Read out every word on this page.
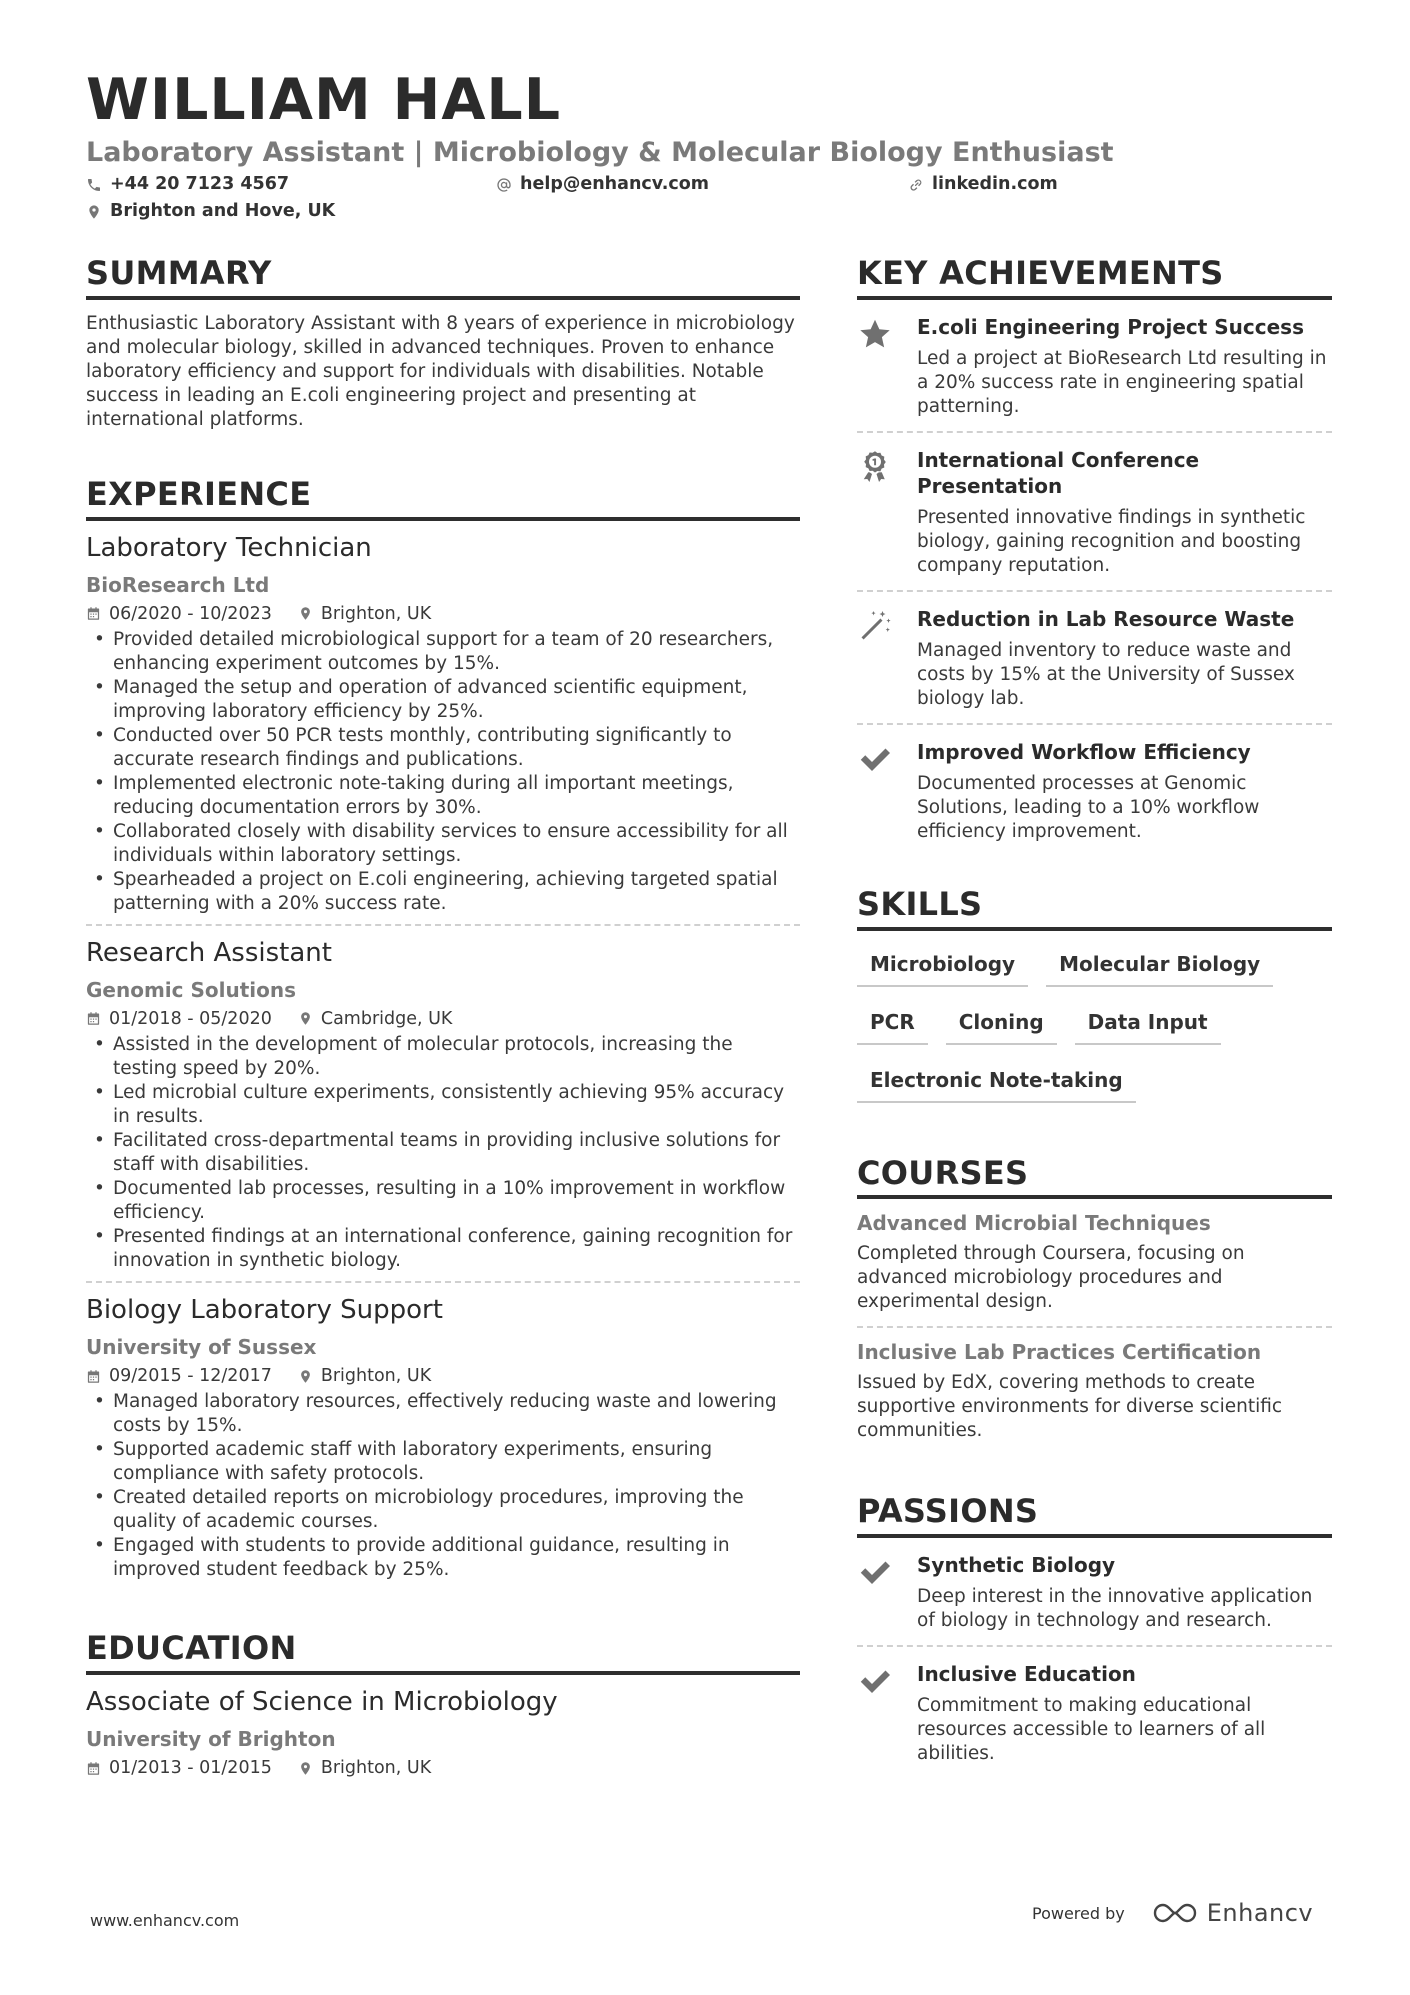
WILLIAM HALL
Laboratory Assistant | Microbiology & Molecular Biology Enthusiast
+44 20 7123 4567	help@enhancv.com	linkedin.com
Brighton and Hove, UK
SUMMARY
Enthusiastic Laboratory Assistant with 8 years of experience in microbiology and molecular biology, skilled in advanced techniques. Proven to enhance laboratory efficiency and support for individuals with disabilities. Notable success in leading an E.coli engineering project and presenting at international platforms.
EXPERIENCE
Laboratory Technician
BioResearch Ltd
06/2020 - 10/2023	Brighton, UK
• Provided detailed microbiological support for a team of 20 researchers, enhancing experiment outcomes by 15%.
• Managed the setup and operation of advanced scientific equipment, improving laboratory efficiency by 25%.
• Conducted over 50 PCR tests monthly, contributing significantly to accurate research findings and publications.
• Implemented electronic note-taking during all important meetings, reducing documentation errors by 30%.
• Collaborated closely with disability services to ensure accessibility for all individuals within laboratory settings.
• Spearheaded a project on E.coli engineering, achieving targeted spatial patterning with a 20% success rate.
Research Assistant
Genomic Solutions
01/2018 - 05/2020	Cambridge, UK
• Assisted in the development of molecular protocols, increasing the testing speed by 20%.
• Led microbial culture experiments, consistently achieving 95% accuracy in results.
• Facilitated cross-departmental teams in providing inclusive solutions for staff with disabilities.
• Documented lab processes, resulting in a 10% improvement in workflow efficiency.
• Presented findings at an international conference, gaining recognition for innovation in synthetic biology.
Biology Laboratory Support
University of Sussex
09/2015 - 12/2017	Brighton, UK
• Managed laboratory resources, effectively reducing waste and lowering costs by 15%.
• Supported academic staff with laboratory experiments, ensuring compliance with safety protocols.
• Created detailed reports on microbiology procedures, improving the quality of academic courses.
• Engaged with students to provide additional guidance, resulting in improved student feedback by 25%.
EDUCATION
Associate of Science in Microbiology
University of Brighton
01/2013 - 01/2015	Brighton, UK
KEY ACHIEVEMENTS
E.coli Engineering Project Success
Led a project at BioResearch Ltd resulting in a 20% success rate in engineering spatial patterning.
International Conference Presentation
Presented innovative findings in synthetic biology, gaining recognition and boosting company reputation.
Reduction in Lab Resource Waste
Managed inventory to reduce waste and costs by 15% at the University of Sussex biology lab.
Improved Workflow Efficiency
Documented processes at Genomic Solutions, leading to a 10% workflow efficiency improvement.
SKILLS
Microbiology	Molecular Biology
PCR	Cloning	Data Input
Electronic Note-taking
COURSES
Advanced Microbial Techniques
Completed through Coursera, focusing on advanced microbiology procedures and experimental design.
Inclusive Lab Practices Certification
Issued by EdX, covering methods to create supportive environments for diverse scientific communities.
PASSIONS
Synthetic Biology
Deep interest in the innovative application of biology in technology and research.
Inclusive Education
Commitment to making educational resources accessible to learners of all abilities.
www.enhancv.com	Powered by	Enhancv
